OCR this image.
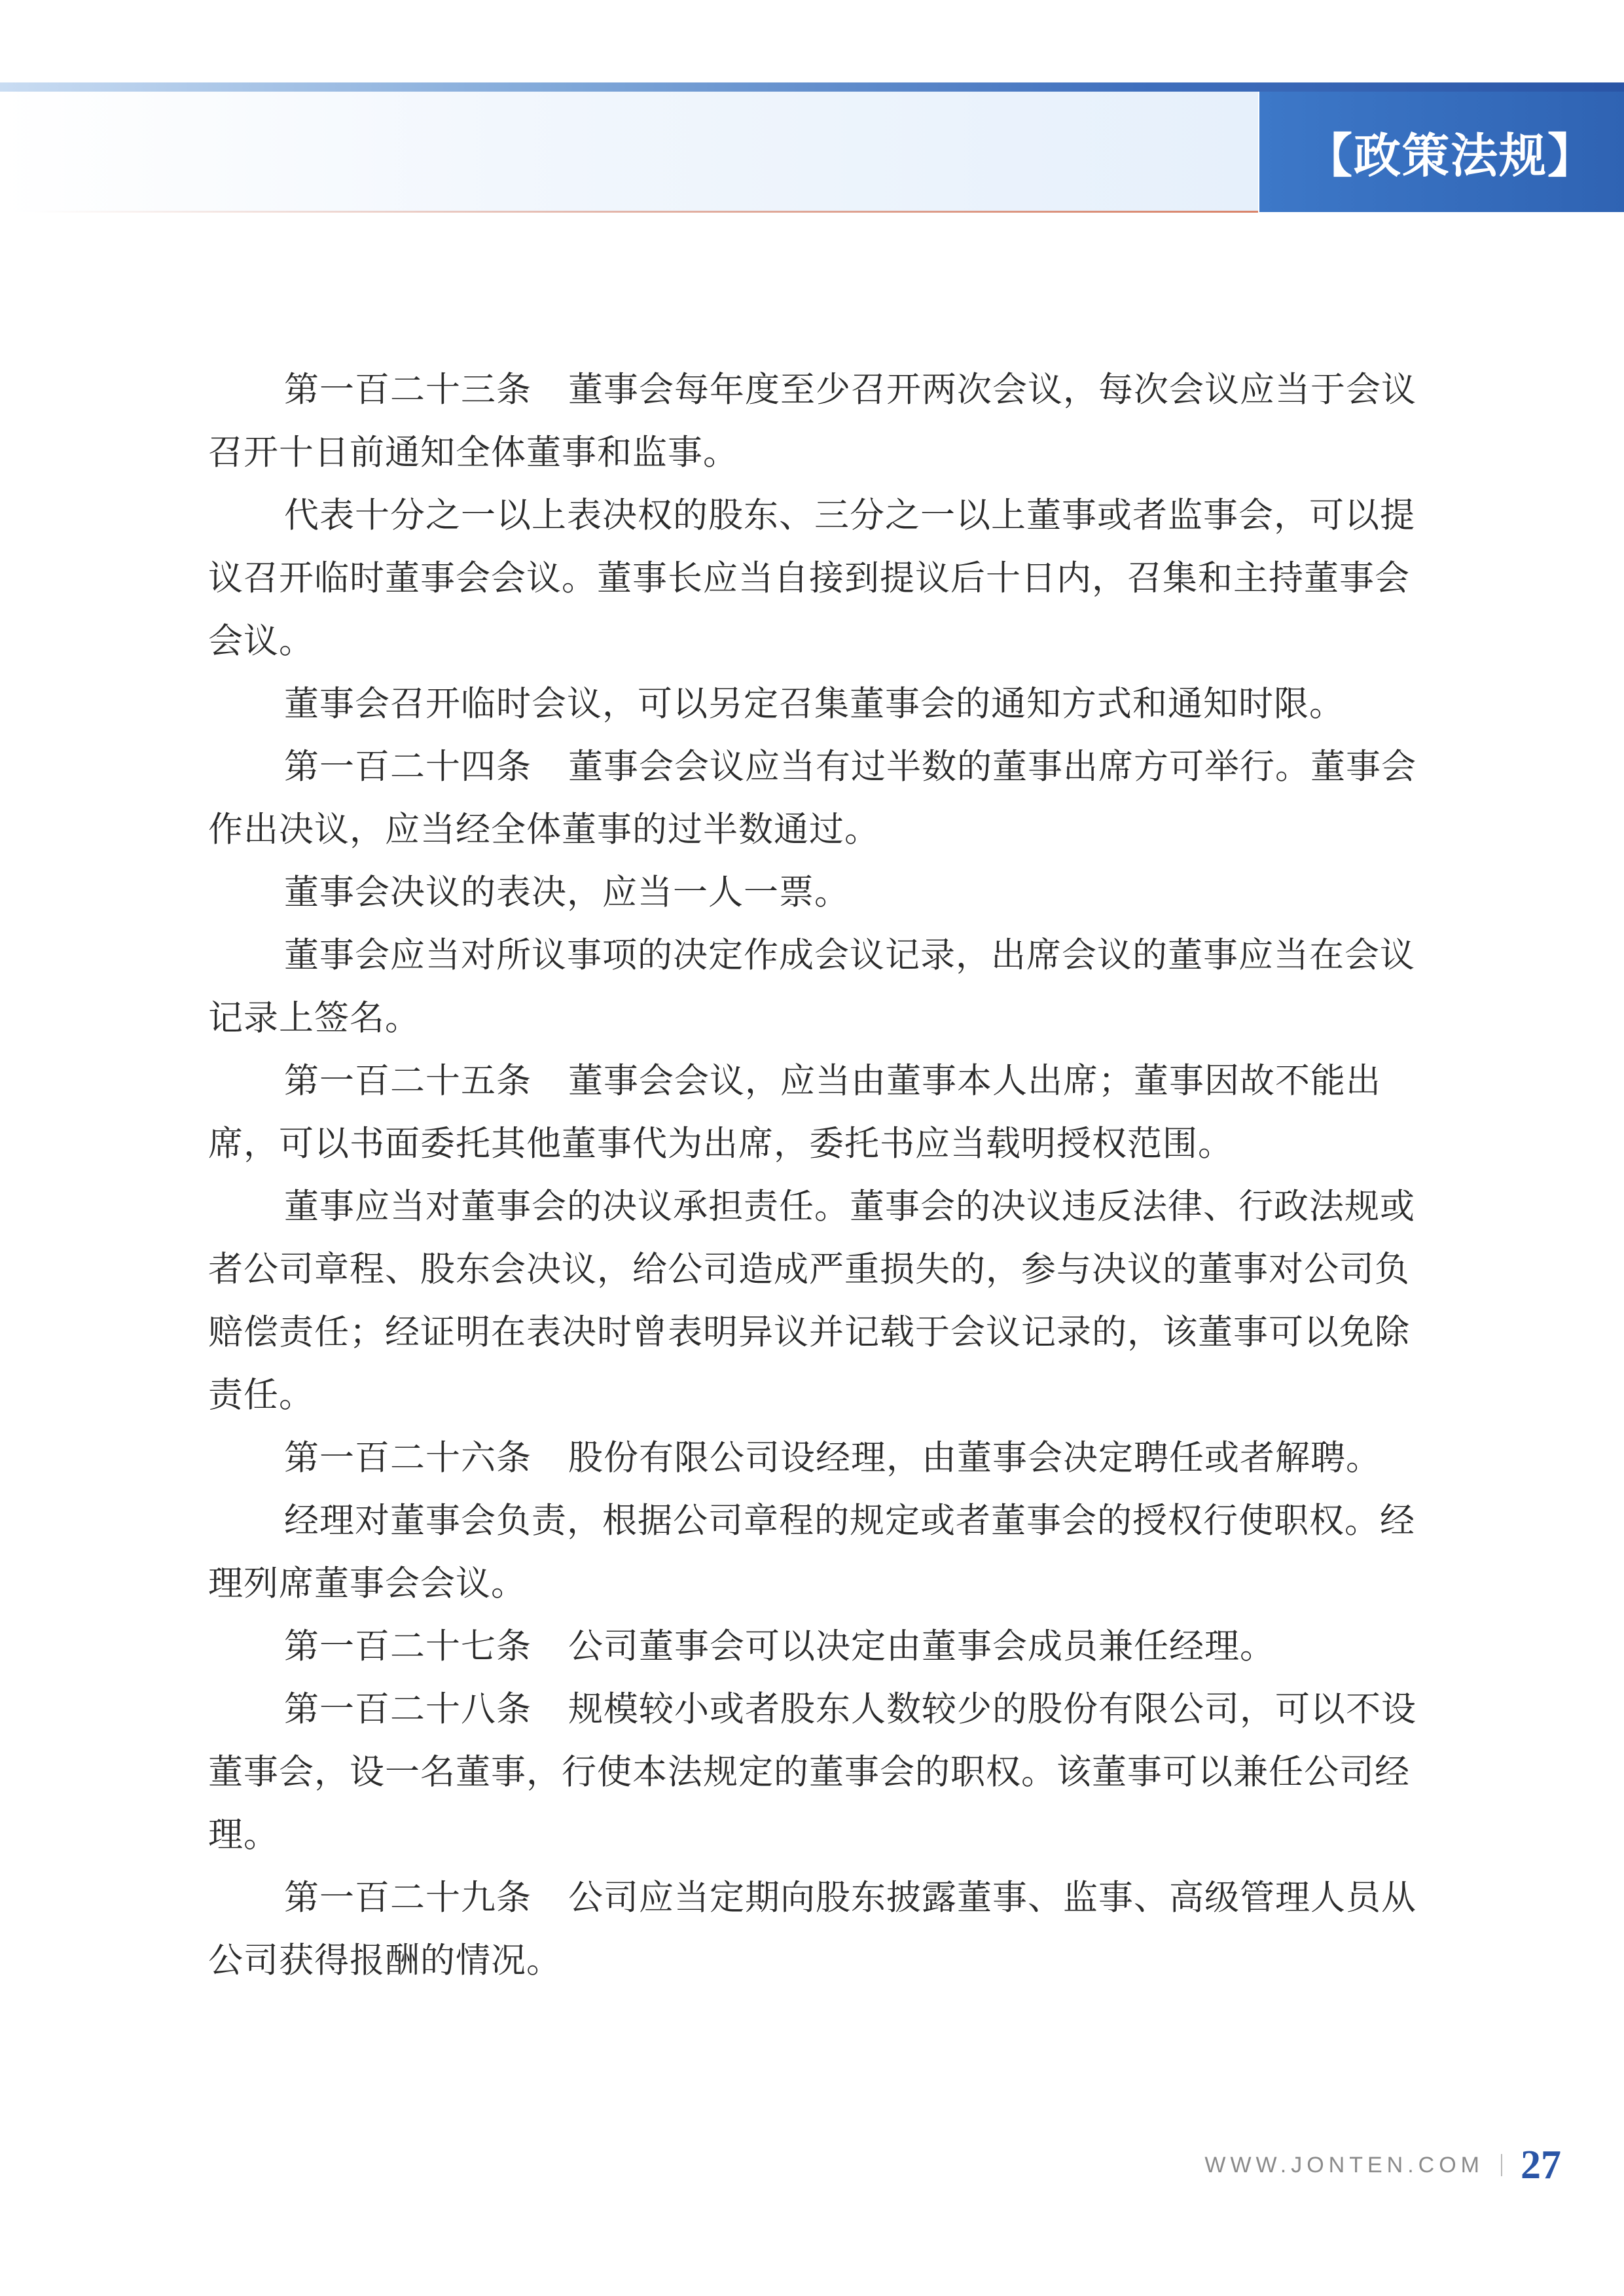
【政策法规】

第一百二十三条 董事会每年度至少召开两次会议，每次会议应当于会议召开十日前通知全体董事和监事。

代表十分之一以上表决权的股东、三分之一以上董事或者监事会，可以提议召开临时董事会会议。董事长应当自接到提议后十日内，召集和主持董事会会议。

董事会召开临时会议，可以另定召集董事会的通知方式和通知时限。

第一百二十四条 董事会会议应当有过半数的董事出席方可举行。董事会作出决议，应当经全体董事的过半数通过。

董事会决议的表决，应当一人一票。

董事会应当对所议事项的决定作成会议记录，出席会议的董事应当在会议记录上签名。

第一百二十五条 董事会会议，应当由董事本人出席；董事因故不能出席，可以书面委托其他董事代为出席，委托书应当载明授权范围。

董事应当对董事会的决议承担责任。董事会的决议违反法律、行政法规或者公司章程、股东会决议，给公司造成严重损失的，参与决议的董事对公司负赔偿责任；经证明在表决时曾表明异议并记载于会议记录的，该董事可以免除责任。

第一百二十六条 股份有限公司设经理，由董事会决定聘任或者解聘。

经理对董事会负责，根据公司章程的规定或者董事会的授权行使职权。经理列席董事会会议。

第一百二十七条 公司董事会可以决定由董事会成员兼任经理。

第一百二十八条 规模较小或者股东人数较少的股份有限公司，可以不设董事会，设一名董事，行使本法规定的董事会的职权。该董事可以兼任公司经理。

第一百二十九条 公司应当定期向股东披露董事、监事、高级管理人员从公司获得报酬的情况。

WWW.JONTEN.COM 27
